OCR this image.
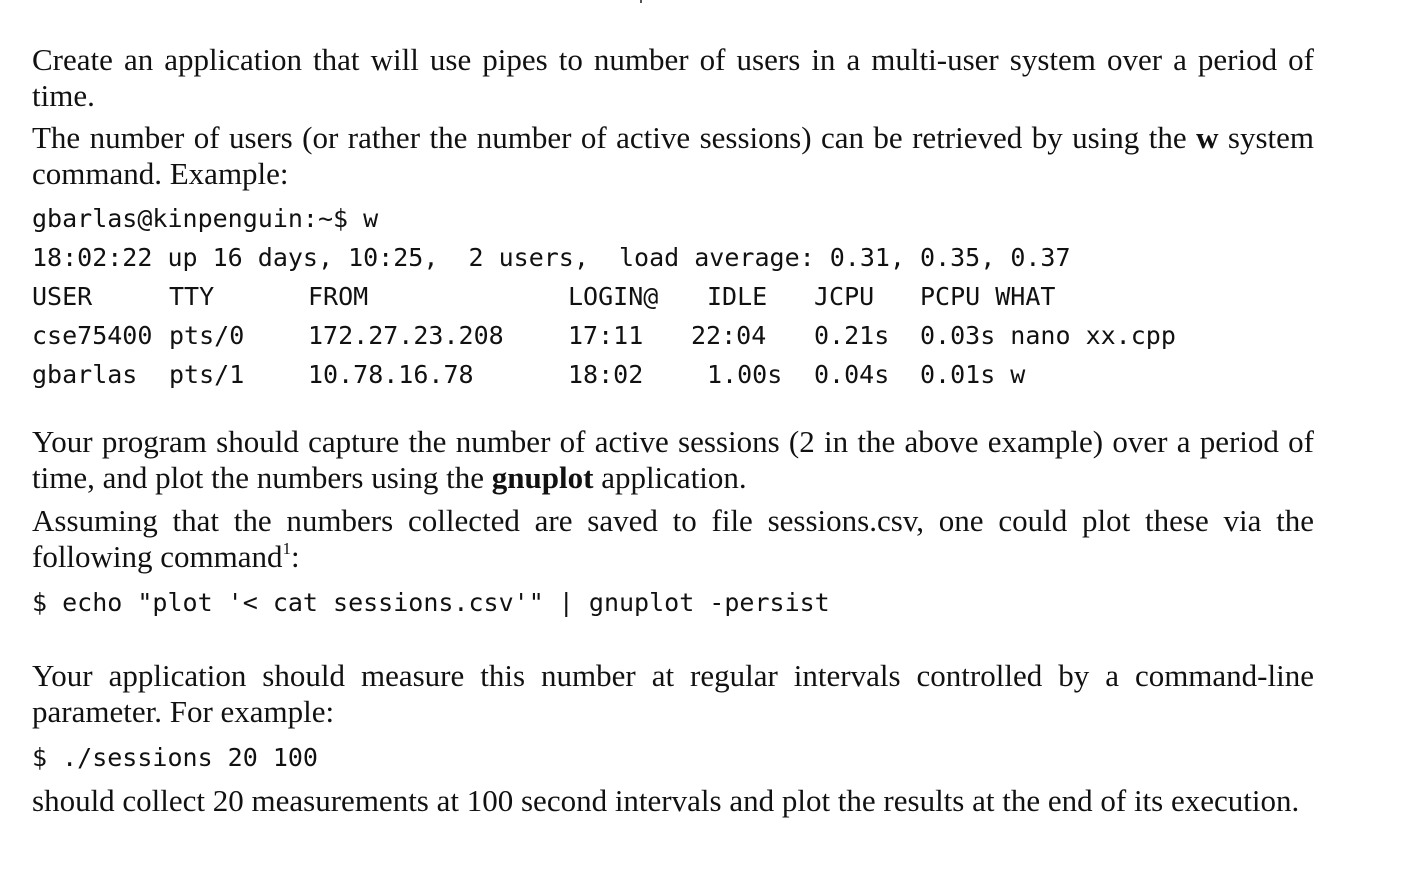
Create an application that will use pipes to number of users in a multi-user system over a period of time.

The number of users (or rather the number of active sessions) can be retrieved by using the w system command. Example:

gbarlas@kinpenguin:~$ w
18:02:22 up 16 days, 10:25,  2 users,  load average: 0.31, 0.35, 0.37
USER	TTY	FROM	LOGIN@ IDLE JCPU PCPU WHAT
cse75400 pts/0	172.27.23.208	17:11 22:04 0.21s 0.03s nano xx.cpp
gbarlas pts/1	10.78.16.78	18:02	1.00s 0.04s 0.01s w

Your program should capture the number of active sessions (2 in the above example) over a period of time, and plot the numbers using the gnuplot application.

Assuming that the numbers collected are saved to file sessions.csv, one could plot these via the following command$^1$:

$ echo "plot '< cat sessions.csv'" | gnuplot -persist

Your application should measure this number at regular intervals controlled by a command-line parameter. For example:

$ ./sessions 20 100

should collect 20 measurements at 100 second intervals and plot the results at the end of its execution.
